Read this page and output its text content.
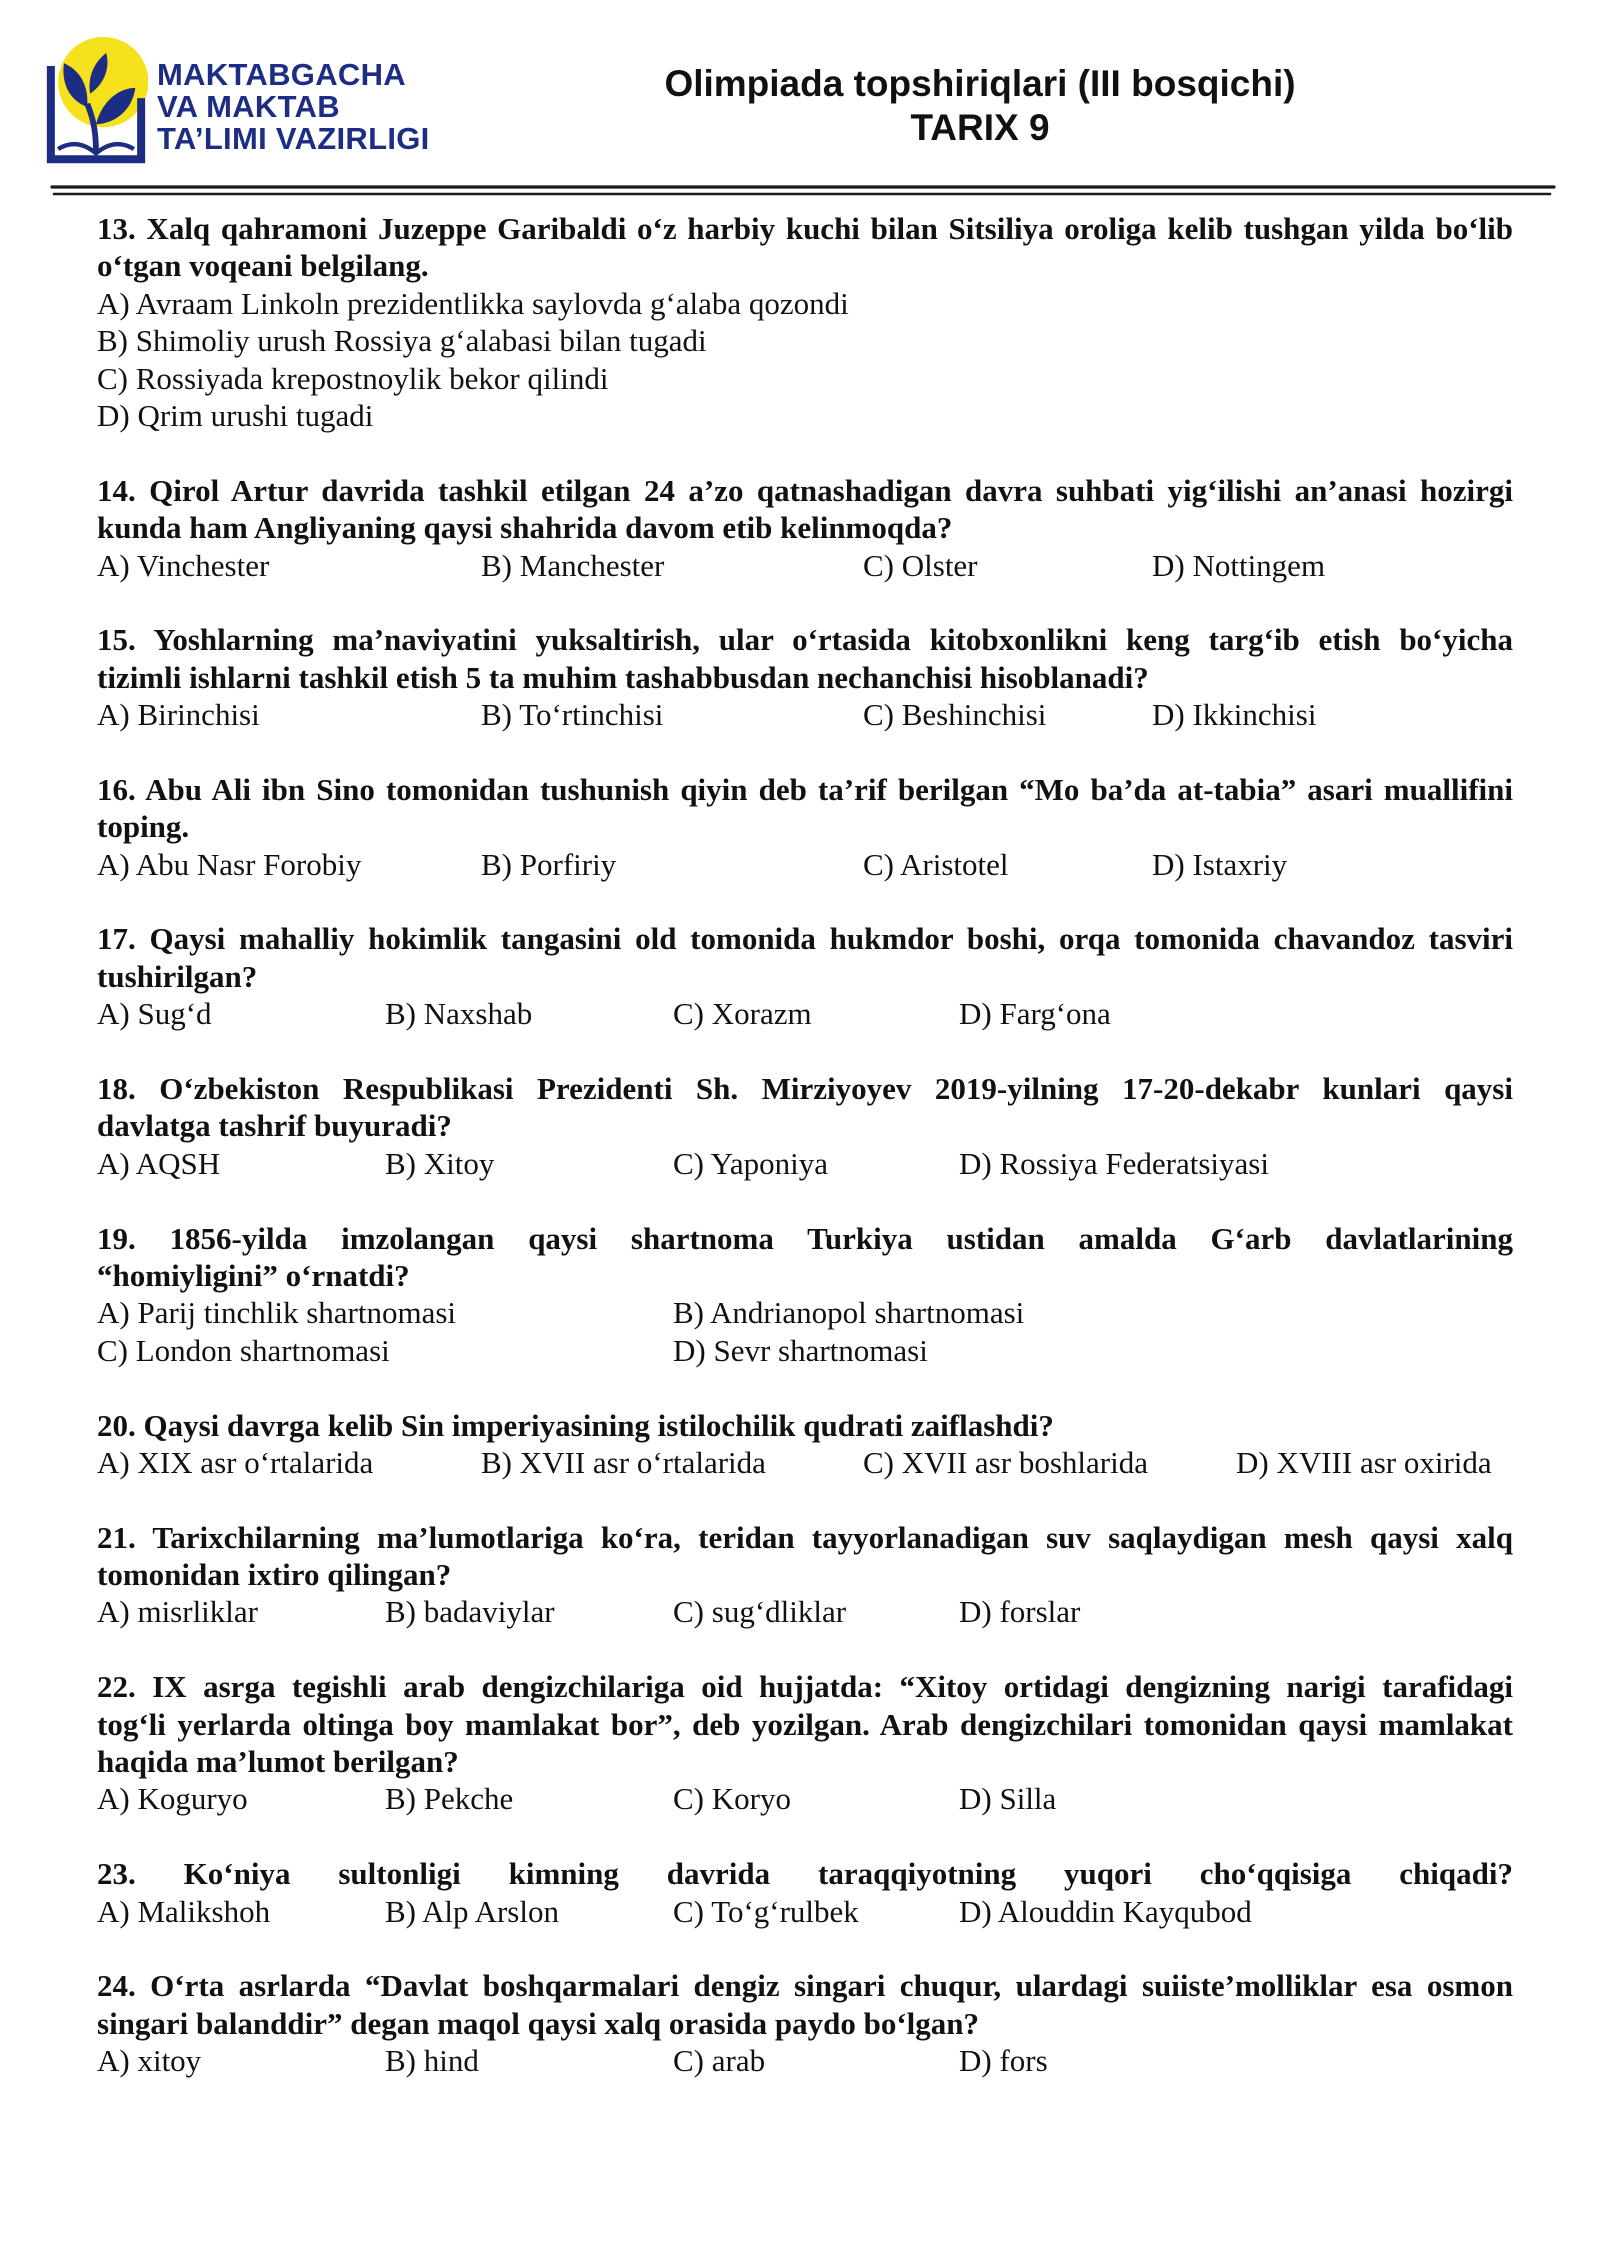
MAKTABGACHA
VA MAKTAB
TA’LIMI VAZIRLIGI
Olimpiada topshiriqlari (III bosqichi)
TARIX 9
13. Xalq qahramoni Juzeppe Garibaldi o‘z harbiy kuchi bilan Sitsiliya oroliga kelib tushgan yilda bo‘lib
o‘tgan voqeani belgilang.
A) Avraam Linkoln prezidentlikka saylovda g‘alaba qozondi
B) Shimoliy urush Rossiya g‘alabasi bilan tugadi
C) Rossiyada krepostnoylik bekor qilindi
D) Qrim urushi tugadi
14. Qirol Artur davrida tashkil etilgan 24 a’zo qatnashadigan davra suhbati yig‘ilishi an’anasi hozirgi
kunda ham Angliyaning qaysi shahrida davom etib kelinmoqda?
A) Vinchester	B) Manchester	C) Olster	D) Nottingem
15. Yoshlarning ma’naviyatini yuksaltirish, ular o‘rtasida kitobxonlikni keng targ‘ib etish bo‘yicha
tizimli ishlarni tashkil etish 5 ta muhim tashabbusdan nechanchisi hisoblanadi?
A) Birinchisi	B) To‘rtinchisi	C) Beshinchisi	D) Ikkinchisi
16. Abu Ali ibn Sino tomonidan tushunish qiyin deb ta’rif berilgan “Mo ba’da at-tabia” asari muallifini
toping.
A) Abu Nasr Forobiy	B) Porfiriy	C) Aristotel	D) Istaxriy
17. Qaysi mahalliy hokimlik tangasini old tomonida hukmdor boshi, orqa tomonida chavandoz tasviri
tushirilgan?
A) Sug‘d	B) Naxshab	C) Xorazm	D) Farg‘ona
18. O‘zbekiston Respublikasi Prezidenti Sh. Mirziyoyev 2019-yilning 17-20-dekabr kunlari qaysi
davlatga tashrif buyuradi?
A) AQSH	B) Xitoy	C) Yaponiya	D) Rossiya Federatsiyasi
19. 1856-yilda imzolangan qaysi shartnoma Turkiya ustidan amalda G‘arb davlatlarining
“homiyligini” o‘rnatdi?
A) Parij tinchlik shartnomasi	B) Andrianopol shartnomasi
C) London shartnomasi	D) Sevr shartnomasi
20. Qaysi davrga kelib Sin imperiyasining istilochilik qudrati zaiflashdi?
A) XIX asr o‘rtalarida	B) XVII asr o‘rtalarida	C) XVII asr boshlarida	D) XVIII asr oxirida
21. Tarixchilarning ma’lumotlariga ko‘ra, teridan tayyorlanadigan suv saqlaydigan mesh qaysi xalq
tomonidan ixtiro qilingan?
A) misrliklar	B) badaviylar	C) sug‘dliklar	D) forslar
22. IX asrga tegishli arab dengizchilariga oid hujjatda: “Xitoy ortidagi dengizning narigi tarafidagi
tog‘li yerlarda oltinga boy mamlakat bor”, deb yozilgan. Arab dengizchilari tomonidan qaysi mamlakat
haqida ma’lumot berilgan?
A) Koguryo	B) Pekche	C) Koryo	D) Silla
23. Ko‘niya sultonligi kimning davrida taraqqiyotning yuqori cho‘qqisiga chiqadi?
A) Malikshoh	B) Alp Arslon	C) To‘g‘rulbek	D) Alouddin Kayqubod
24. O‘rta asrlarda “Davlat boshqarmalari dengiz singari chuqur, ulardagi suiiste’molliklar esa osmon
singari balanddir” degan maqol qaysi xalq orasida paydo bo‘lgan?
A) xitoy	B) hind	C) arab	D) fors
